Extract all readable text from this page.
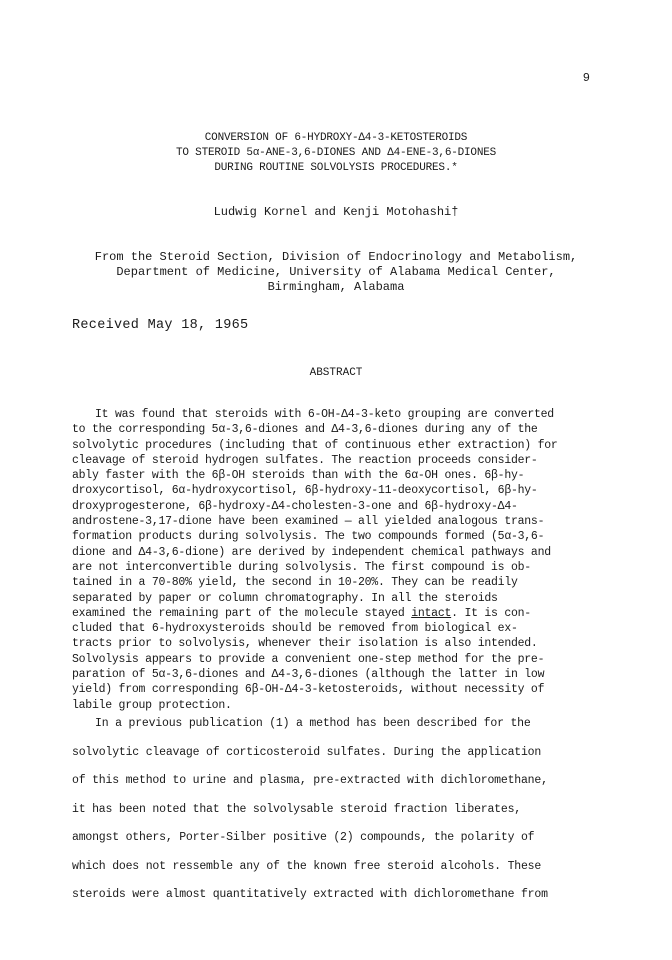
9
CONVERSION OF 6-HYDROXY-Δ4-3-KETOSTEROIDS
TO STEROID 5α-ANE-3,6-DIONES AND Δ4-ENE-3,6-DIONES
DURING ROUTINE SOLVOLYSIS PROCEDURES.*
Ludwig Kornel and Kenji Motohashi†
From the Steroid Section, Division of Endocrinology and Metabolism,
Department of Medicine, University of Alabama Medical Center,
Birmingham, Alabama
Received May 18, 1965
ABSTRACT
It was found that steroids with 6-OH-Δ4-3-keto grouping are converted
to the corresponding 5α-3,6-diones and Δ4-3,6-diones during any of the
solvolytic procedures (including that of continuous ether extraction) for
cleavage of steroid hydrogen sulfates. The reaction proceeds consider-
ably faster with the 6β-OH steroids than with the 6α-OH ones. 6β-hy-
droxycortisol, 6α-hydroxycortisol, 6β-hydroxy-11-deoxycortisol, 6β-hy-
droxyprogesterone, 6β-hydroxy-Δ4-cholesten-3-one and 6β-hydroxy-Δ4-
androstene-3,17-dione have been examined — all yielded analogous trans-
formation products during solvolysis. The two compounds formed (5α-3,6-
dione and Δ4-3,6-dione) are derived by independent chemical pathways and
are not interconvertible during solvolysis. The first compound is ob-
tained in a 70-80% yield, the second in 10-20%. They can be readily
separated by paper or column chromatography. In all the steroids
examined the remaining part of the molecule stayed intact. It is con-
cluded that 6-hydroxysteroids should be removed from biological ex-
tracts prior to solvolysis, whenever their isolation is also intended.
Solvolysis appears to provide a convenient one-step method for the pre-
paration of 5α-3,6-diones and Δ4-3,6-diones (although the latter in low
yield) from corresponding 6β-OH-Δ4-3-ketosteroids, without necessity of
labile group protection.
In a previous publication (1) a method has been described for the
solvolytic cleavage of corticosteroid sulfates. During the application
of this method to urine and plasma, pre-extracted with dichloromethane,
it has been noted that the solvolysable steroid fraction liberates,
amongst others, Porter-Silber positive (2) compounds, the polarity of
which does not ressemble any of the known free steroid alcohols. These
steroids were almost quantitatively extracted with dichloromethane from
